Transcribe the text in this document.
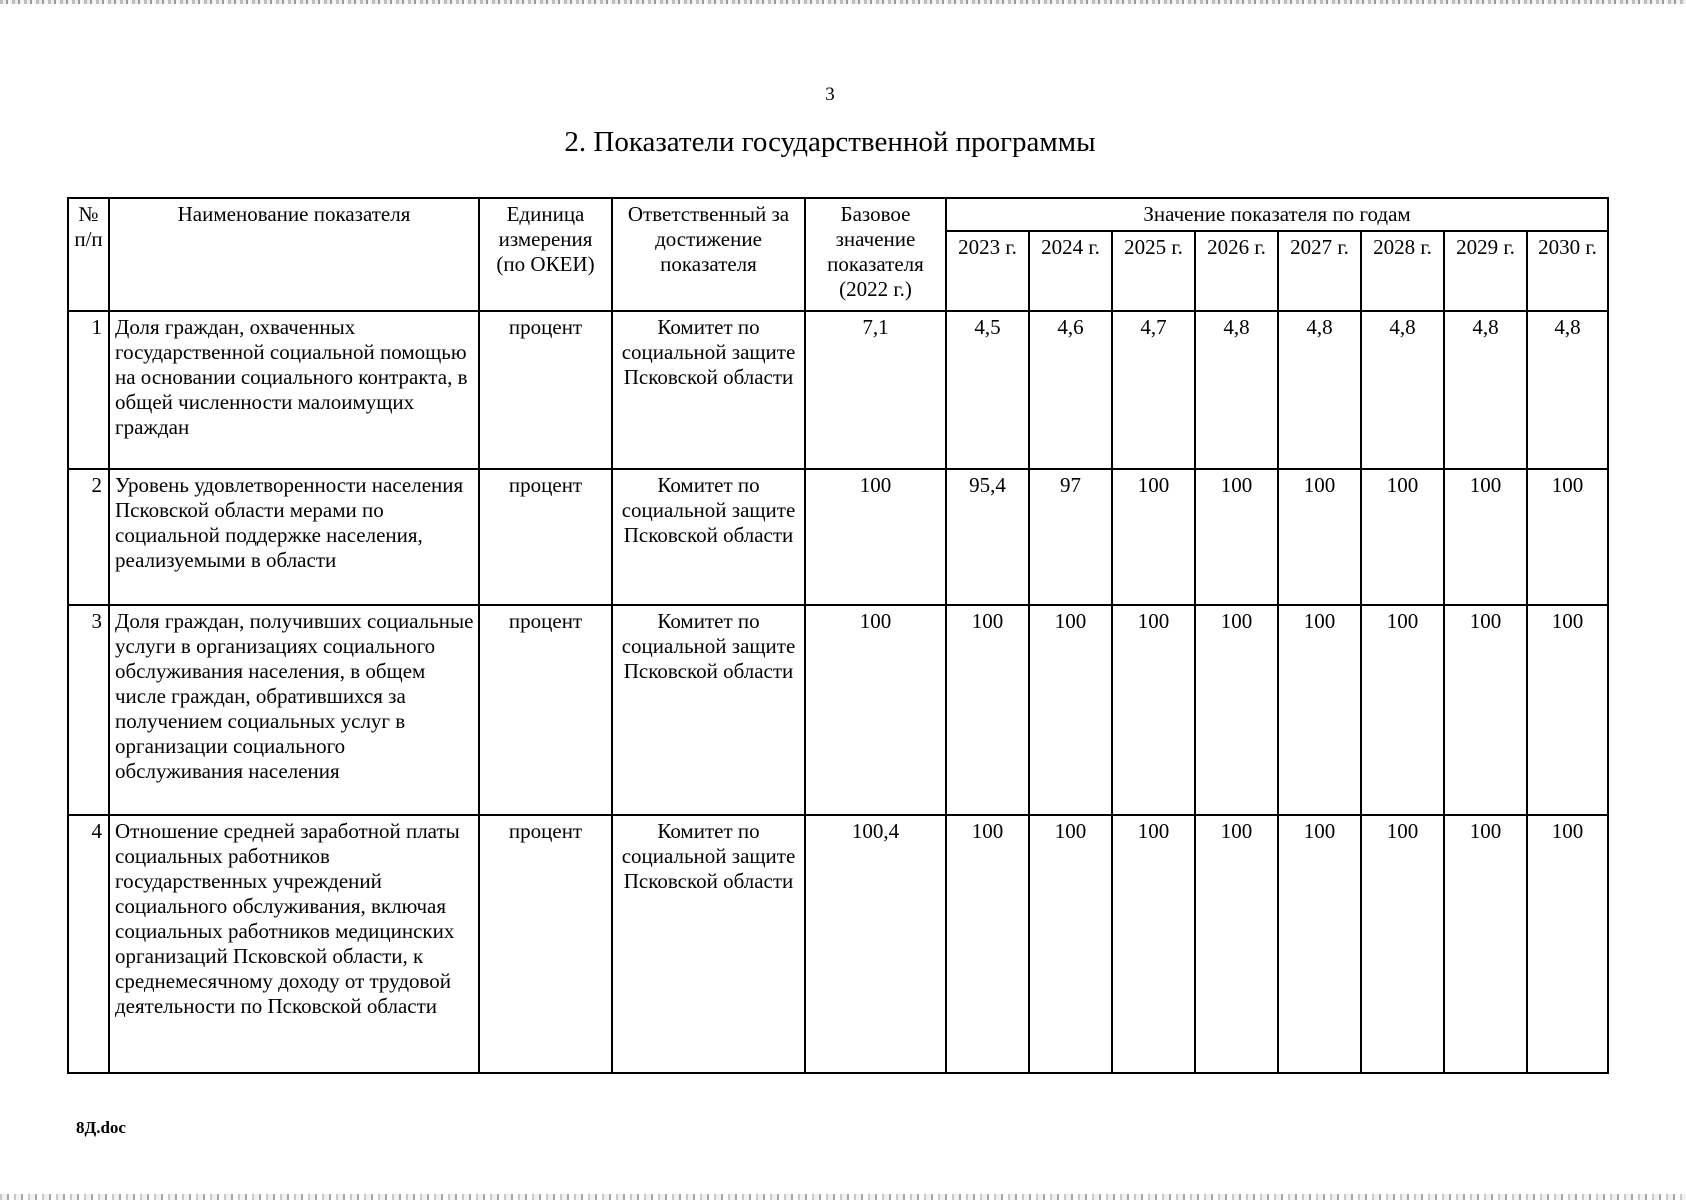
3
2. Показатели государственной программы
№ п/п	Наименование показателя	Единица измерения (по ОКЕИ)	Ответственный за достижение показателя	Базовое значение показателя (2022 г.)	Значение показателя по годам							
					2023 г.	2024 г.	2025 г.	2026 г.	2027 г.	2028 г.	2029 г.	2030 г.
1	Доля граждан, охваченных государственной социальной помощью на основании социального контракта, в общей численности малоимущих граждан	процент	Комитет по социальной защите Псковской области	7,1	4,5	4,6	4,7	4,8	4,8	4,8	4,8	4,8
2	Уровень удовлетворенности населения Псковской области мерами по социальной поддержке населения, реализуемыми в области	процент	Комитет по социальной защите Псковской области	100	95,4	97	100	100	100	100	100	100
3	Доля граждан, получивших социальные услуги в организациях социального обслуживания населения, в общем числе граждан, обратившихся за получением социальных услуг в организации социального обслуживания населения	процент	Комитет по социальной защите Псковской области	100	100	100	100	100	100	100	100	100
4	Отношение средней заработной платы социальных работников государственных учреждений социального обслуживания, включая социальных работников медицинских организаций Псковской области, к среднемесячному доходу от трудовой деятельности по Псковской области	процент	Комитет по социальной защите Псковской области	100,4	100	100	100	100	100	100	100	100
8Д.doc
